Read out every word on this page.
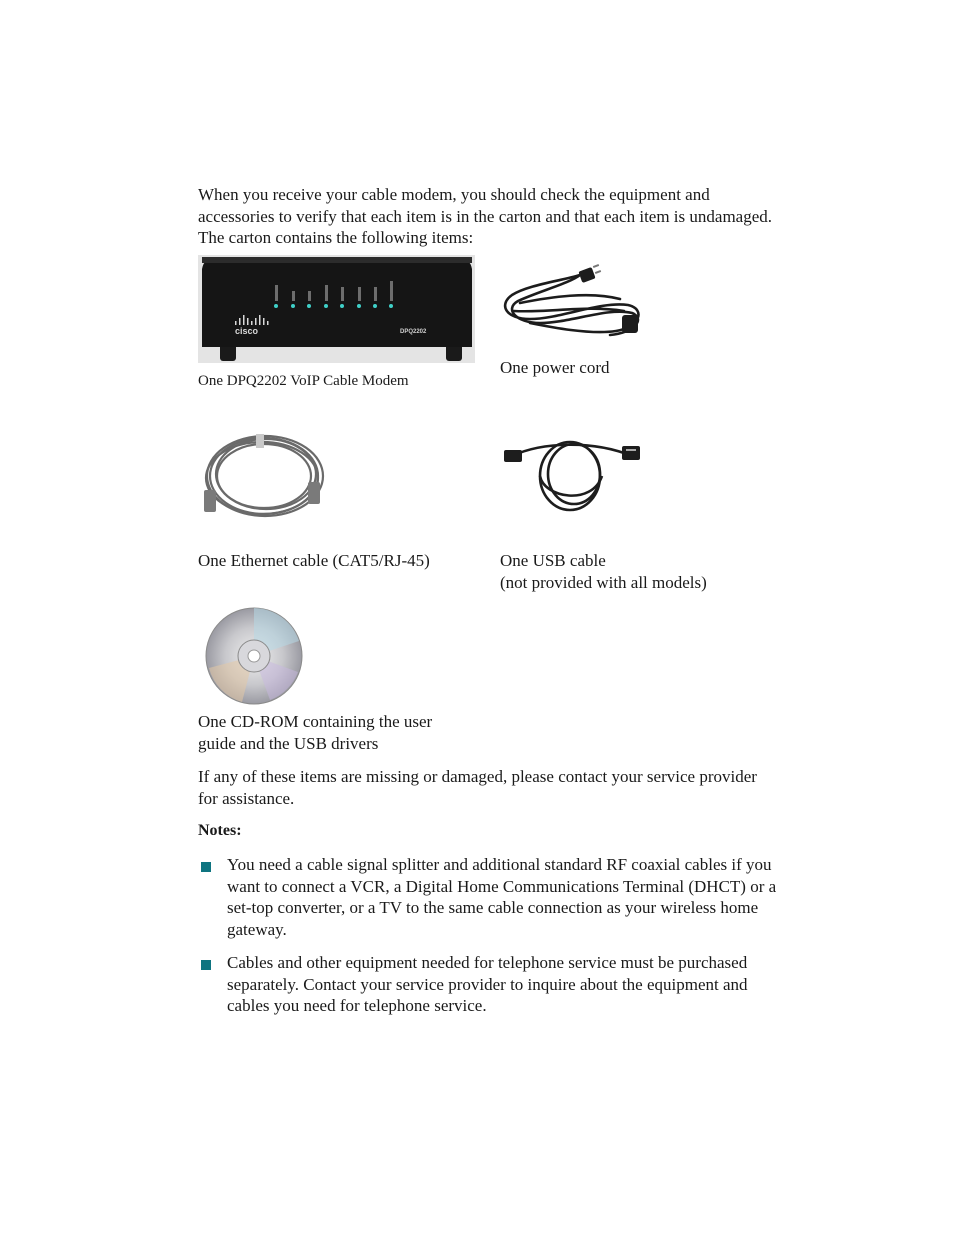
When you receive your cable modem, you should check the equipment and
accessories to verify that each item is in the carton and that each item is undamaged.
The carton contains the following items:
cisco	DPQ2202
One DPQ2202 VoIP Cable Modem
One power cord
One Ethernet cable (CAT5/RJ-45)	One USB cable
(not provided with all models)
One CD-ROM containing the user
guide and the USB drivers
If any of these items are missing or damaged, please contact your service provider
for assistance.
Notes:
You need a cable signal splitter and additional standard RF coaxial cables if you
want to connect a VCR, a Digital Home Communications Terminal (DHCT) or a
set-top converter, or a TV to the same cable connection as your wireless home
gateway.
Cables and other equipment needed for telephone service must be purchased
separately. Contact your service provider to inquire about the equipment and
cables you need for telephone service.
